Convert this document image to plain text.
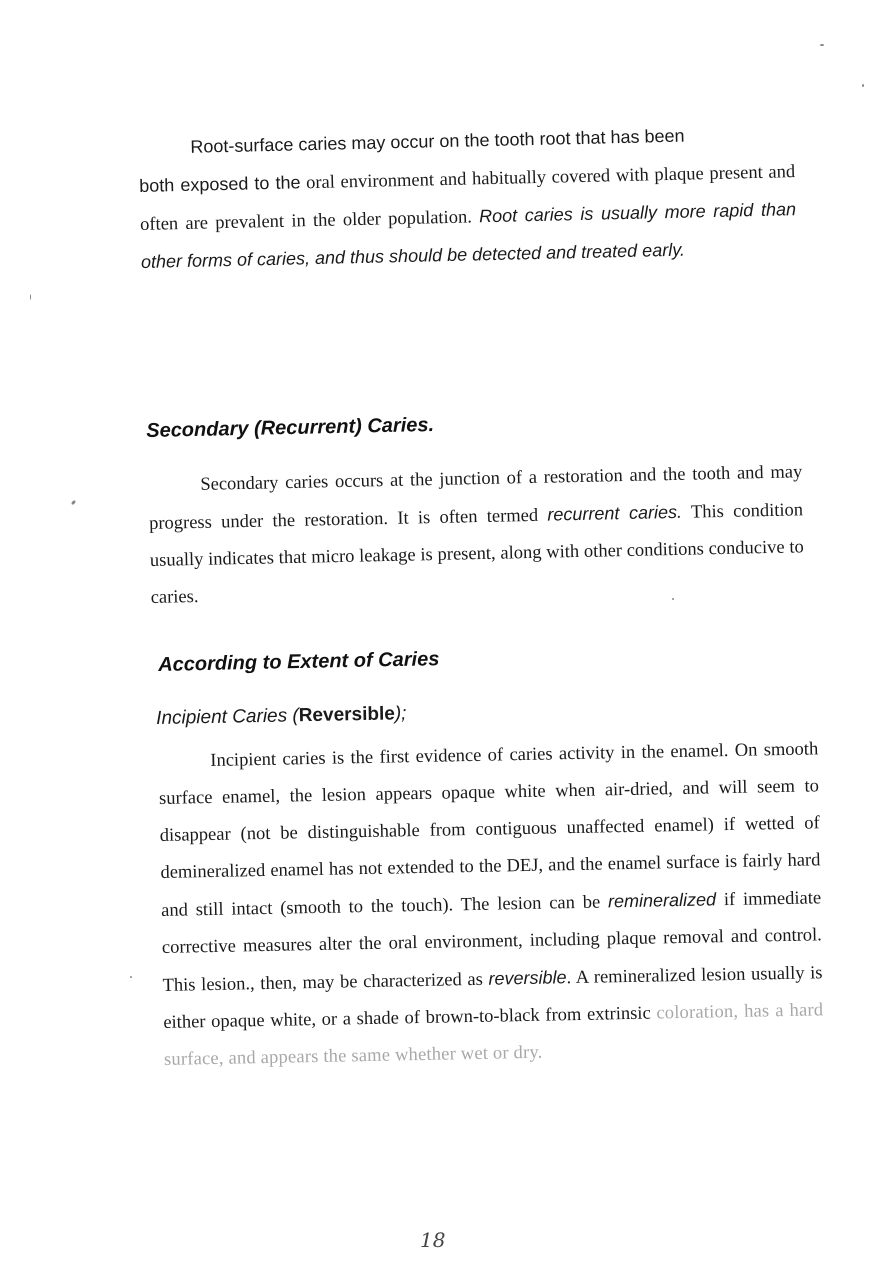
Root-surface caries may occur on the tooth root that has been
both exposed to the oral environment and habitually covered with plaque present and often are prevalent in the older population. Root caries is usually more rapid than other forms of caries, and thus should be detected and treated early.

Secondary (Recurrent) Caries.

Secondary caries occurs at the junction of a restoration and the tooth and may progress under the restoration. It is often termed recurrent caries. This condition usually indicates that micro leakage is present, along with other conditions conducive to caries.

According to Extent of Caries

Incipient Caries (Reversible);

Incipient caries is the first evidence of caries activity in the enamel. On smooth surface enamel, the lesion appears opaque white when air-dried, and will seem to disappear (not be distinguishable from contiguous unaffected enamel) if wetted of demineralized enamel has not extended to the DEJ, and the enamel surface is fairly hard and still intact (smooth to the touch). The lesion can be remineralized if immediate corrective measures alter the oral environment, including plaque removal and control. This lesion., then, may be characterized as reversible. A remineralized lesion usually is either opaque white, or a shade of brown-to-black from extrinsic coloration, has a hard surface, and appears the same whether wet or dry.

18
